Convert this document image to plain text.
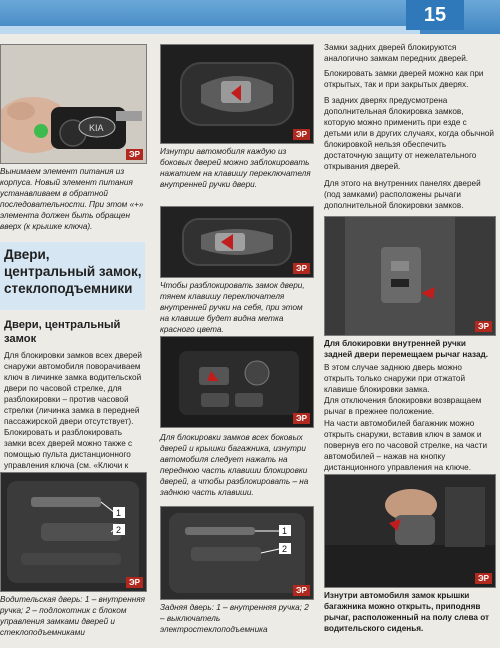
15
KIA
ЭР
Вынимаем элемент питания из корпуса. Новый элемент питания устанавливаем в обратной последовательности. При этом «+» элемента должен быть обращен вверх (к крышке ключа).
Двери, центральный замок, стеклоподъемники
Двери, центральный замок
Для блокировки замков всех дверей снаружи автомобиля поворачиваем ключ в личинке замка водительской двери по часовой стрелке, для разблокировки – против часовой стрелки (личинка замка в передней пассажирской двери отсутствует). Блокировать и разблокировать замки всех дверей можно также с помощью пульта дистанционного управления ключа (см. «Ключи к
1
2
ЭР
Водительская дверь: 1 – внутренняя ручка; 2 – подлокотник с блоком управления замками дверей и стеклоподъемниками
ЭР
Изнутри автомобиля каждую из боковых дверей можно заблокировать нажатием на клавишу переключателя внутренней ручки двери.
ЭР
Чтобы разблокировать замок двери, тянем клавишу переключателя внутренней ручки на себя, при этом на клавише будет видна метка красного цвета.
ЭР
Для блокировки замков всех боковых дверей и крышки багажника, изнутри автомобиля следует нажать на переднюю часть клавиши блокировки дверей, а чтобы разблокировать – на заднюю часть клавиши.
1
2
ЭР
Задняя дверь: 1 – внутренняя ручка; 2 – выключатель электростеклоподъемника
Замки задних дверей блокируются аналогично замкам передних дверей.
Блокировать замки дверей можно как при открытых, так и при закрытых дверях.
В задних дверях предусмотрена дополнительная блокировка замков, которую можно применить при езде с детьми или в других случаях, когда обычной блокировкой нельзя обеспечить достаточную защиту от нежелательного открывания дверей.
Для этого на внутренних панелях дверей (под замками) расположены рычаги дополнительной блокировки замков.
ЭР
Для блокировки внутренней ручки задней двери перемещаем рычаг назад.
В этом случае заднюю дверь можно открыть только снаружи при отжатой клавише блокировки замка.
Для отключения блокировки возвращаем рычаг в прежнее положение.
На части автомобилей багажник можно открыть снаружи, вставив ключ в замок и повернув его по часовой стрелке, на части автомобилей – нажав на кнопку дистанционного управления на ключе.
ЭР
Изнутри автомобиля замок крышки багажника можно открыть, приподняв рычаг, расположенный на полу слева от водительского сиденья.
